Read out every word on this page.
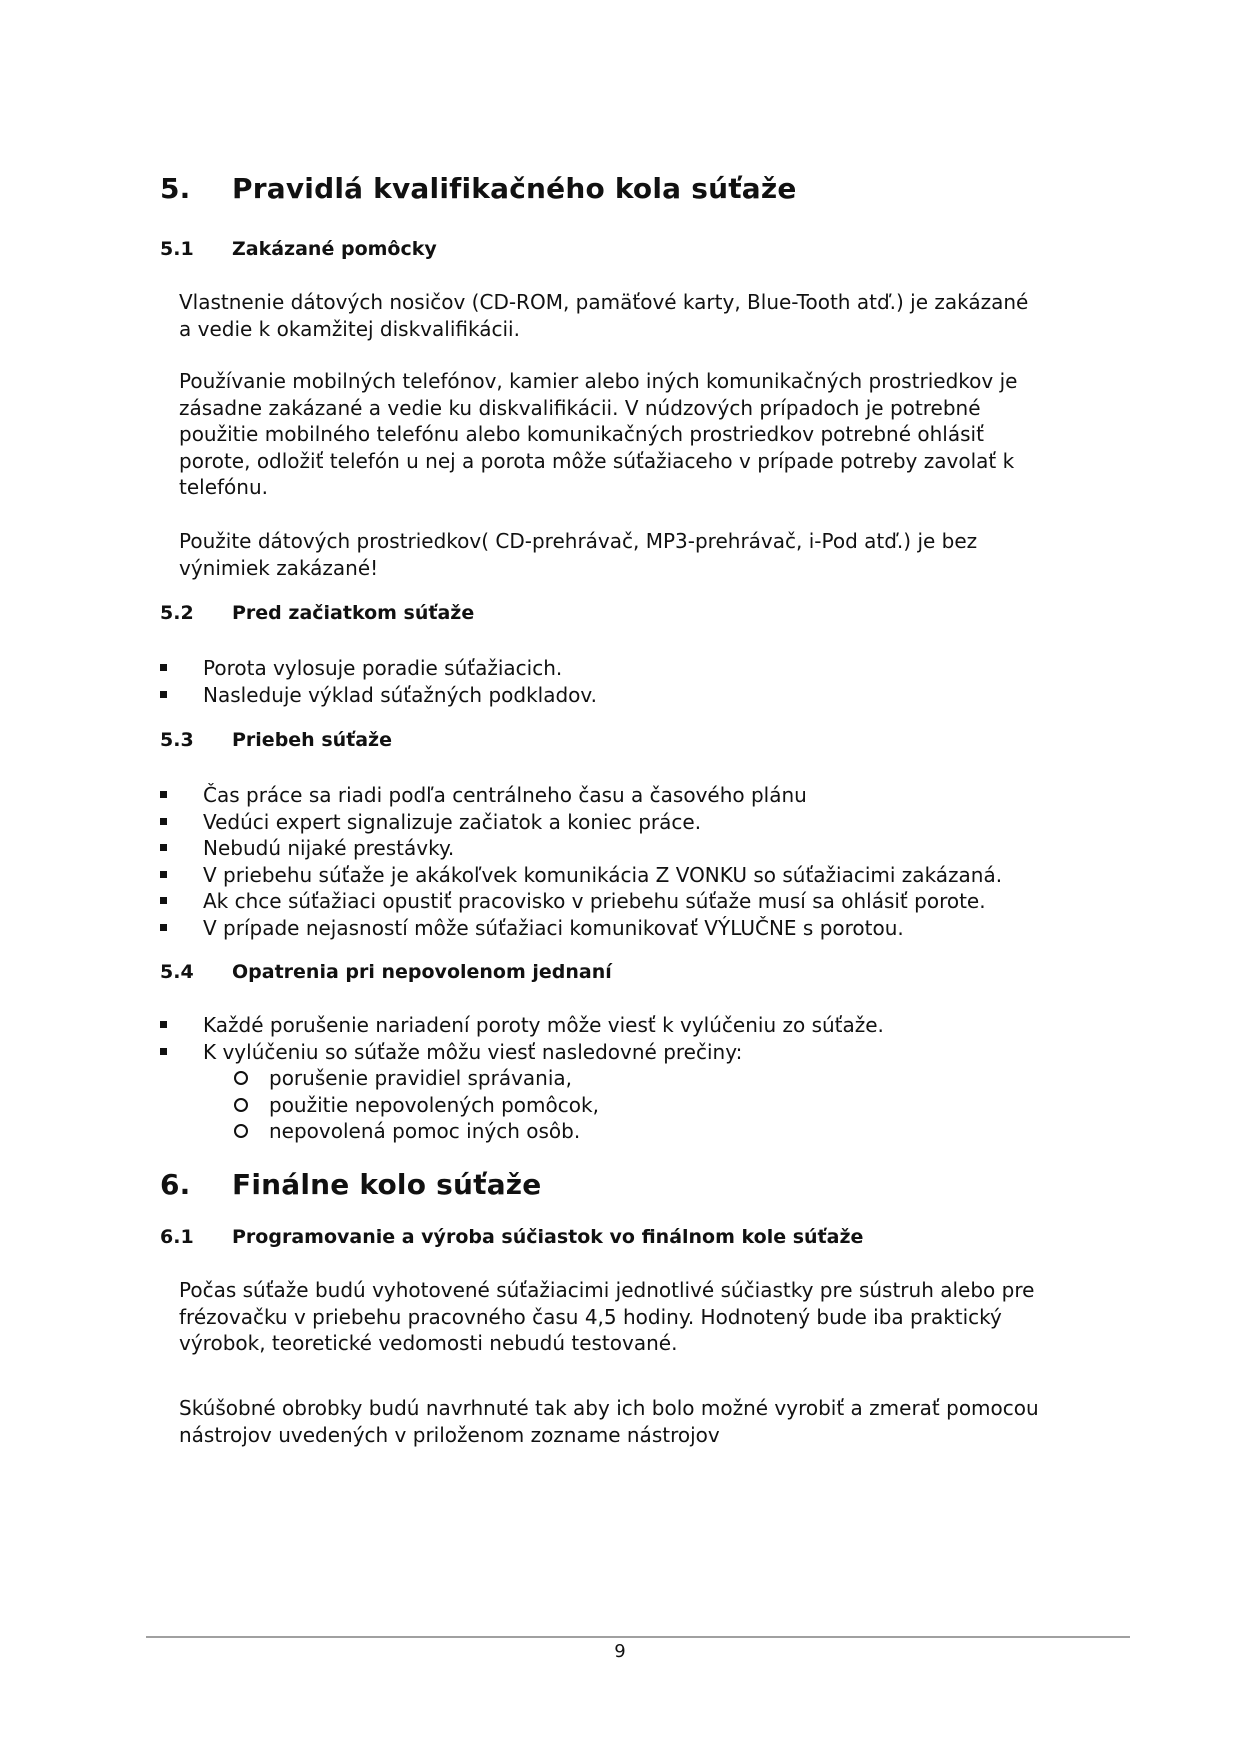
5. Pravidlá kvalifikačného kola súťaže
5.1 Zakázané pomôcky
Vlastnenie dátových nosičov (CD-ROM, pamäťové karty, Blue-Tooth atď.) je zakázané
a vedie k okamžitej diskvalifikácii.
Používanie mobilných telefónov, kamier alebo iných komunikačných prostriedkov je
zásadne zakázané a vedie ku diskvalifikácii. V núdzových prípadoch je potrebné
použitie mobilného telefónu alebo komunikačných prostriedkov potrebné ohlásiť
porote, odložiť telefón u nej a porota môže súťažiaceho v prípade potreby zavolať k
telefónu.
Použite dátových prostriedkov( CD-prehrávač, MP3-prehrávač, i-Pod atď.) je bez
výnimiek zakázané!
5.2 Pred začiatkom súťaže
Porota vylosuje poradie súťažiacich.
Nasleduje výklad súťažných podkladov.
5.3 Priebeh súťaže
Čas práce sa riadi podľa centrálneho času a časového plánu
Vedúci expert signalizuje začiatok a koniec práce.
Nebudú nijaké prestávky.
V priebehu súťaže je akákoľvek komunikácia Z VONKU so súťažiacimi zakázaná.
Ak chce súťažiaci opustiť pracovisko v priebehu súťaže musí sa ohlásiť porote.
V prípade nejasností môže súťažiaci komunikovať VÝLUČNE s porotou.
5.4 Opatrenia pri nepovolenom jednaní
Každé porušenie nariadení poroty môže viesť k vylúčeniu zo súťaže.
K vylúčeniu so súťaže môžu viesť nasledovné prečiny:
porušenie pravidiel správania,
použitie nepovolených pomôcok,
nepovolená pomoc iných osôb.
6. Finálne kolo súťaže
6.1 Programovanie a výroba súčiastok vo finálnom kole súťaže
Počas súťaže budú vyhotovené súťažiacimi jednotlivé súčiastky pre sústruh alebo pre
frézovačku v priebehu pracovného času 4,5 hodiny. Hodnotený bude iba praktický
výrobok, teoretické vedomosti nebudú testované.
Skúšobné obrobky budú navrhnuté tak aby ich bolo možné vyrobiť a zmerať pomocou
nástrojov uvedených v priloženom zozname nástrojov
9
